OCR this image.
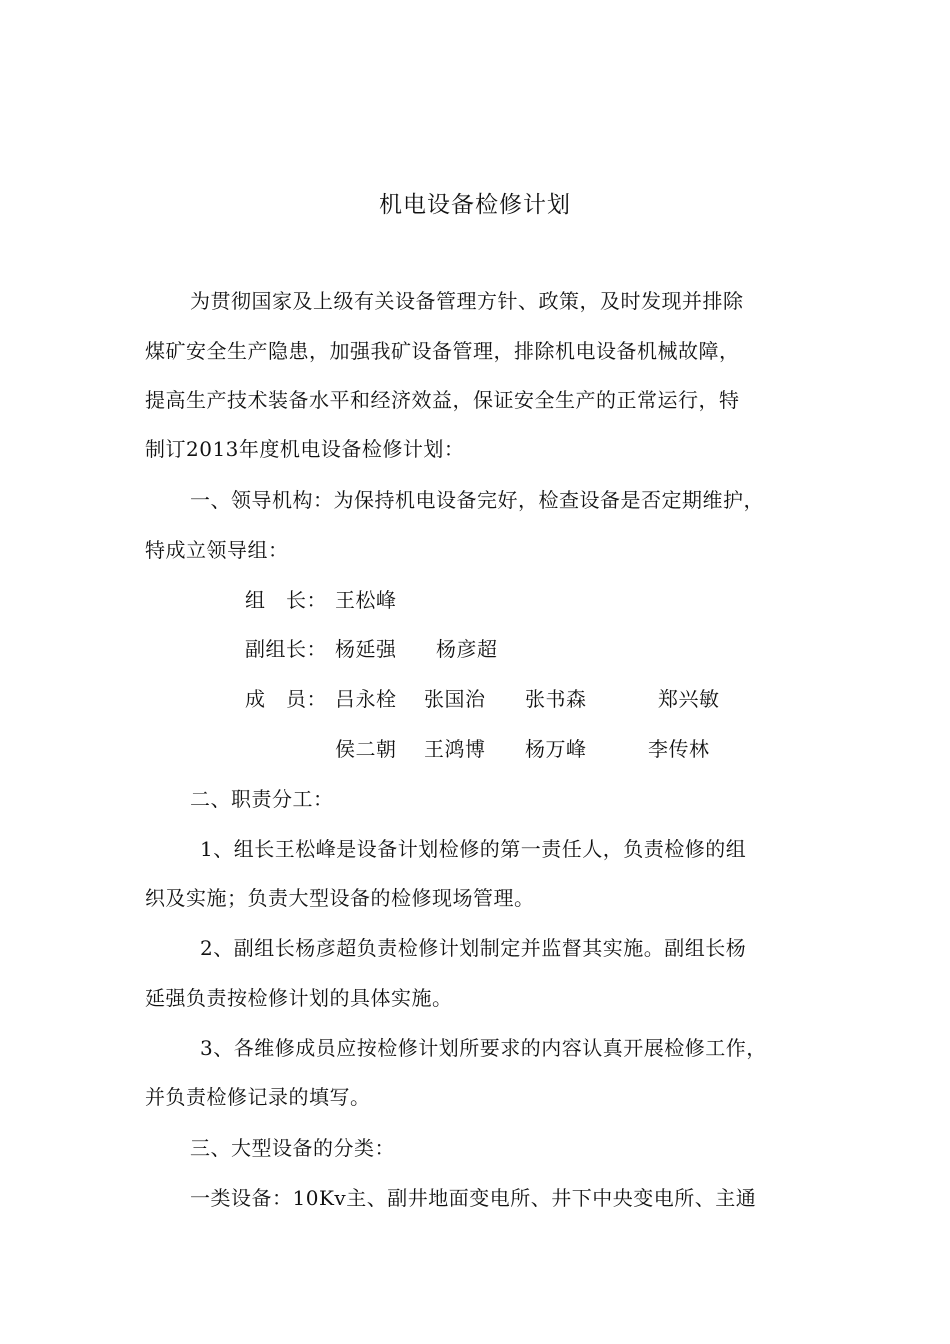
机电设备检修计划
为贯彻国家及上级有关设备管理方针、政策，及时发现并排除
煤矿安全生产隐患，加强我矿设备管理，排除机电设备机械故障，
提高生产技术装备水平和经济效益，保证安全生产的正常运行，特
制订2013年度机电设备检修计划：
一、领导机构：为保持机电设备完好，检查设备是否定期维护，
特成立领导组：
组　长： 王松峰
副组长： 杨延强 杨彦超
成　员： 吕永栓 张国治 张书森	郑兴敏
侯二朝 王鸿博 杨万峰	李传林
二、职责分工：
1、组长王松峰是设备计划检修的第一责任人，负责检修的组
织及实施；负责大型设备的检修现场管理。
2、副组长杨彦超负责检修计划制定并监督其实施。副组长杨
延强负责按检修计划的具体实施。
3、各维修成员应按检修计划所要求的内容认真开展检修工作，
并负责检修记录的填写。
三、大型设备的分类：
一类设备：10Kv主、副井地面变电所、井下中央变电所、主通
